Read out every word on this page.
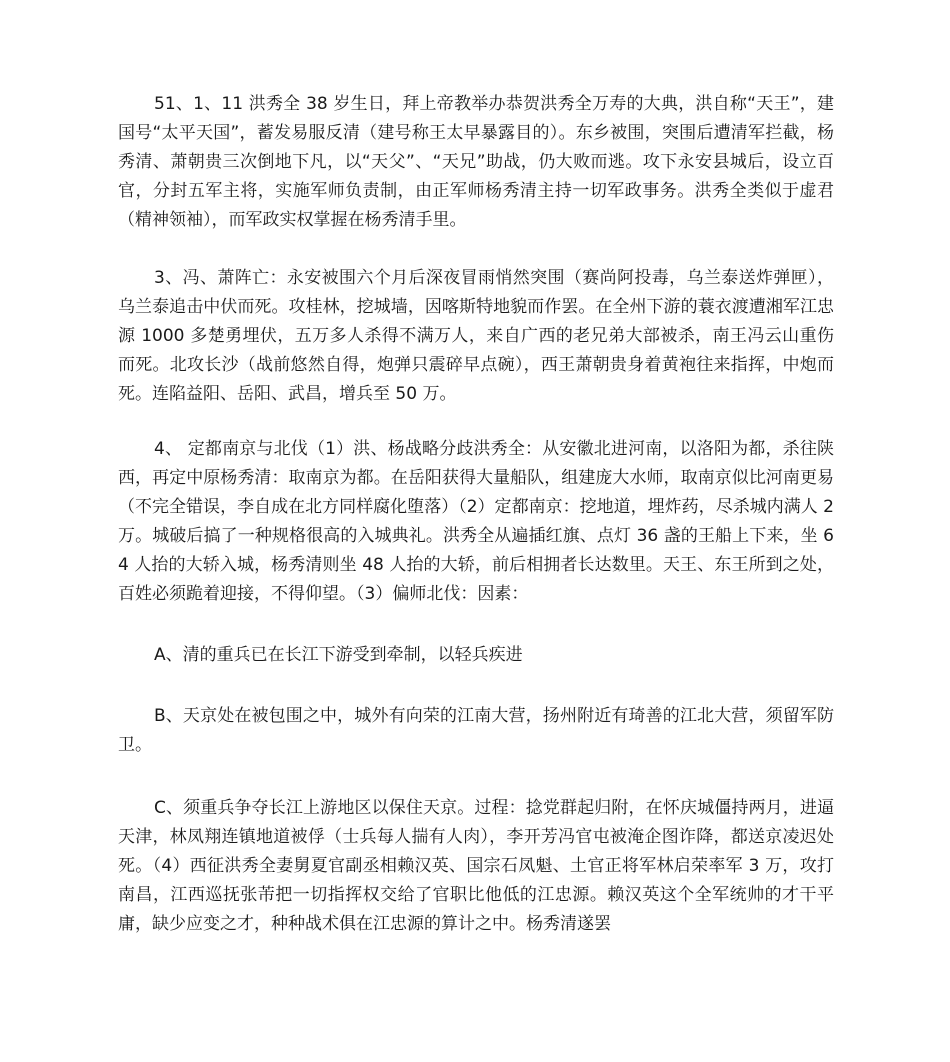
51、1、11 洪秀全 38 岁生日，拜上帝教举办恭贺洪秀全万寿的大典，洪自称“天王”，建国号“太平天国”，蓄发易服反清（建号称王太早暴露目的）。东乡被围，突围后遭清军拦截，杨秀清、萧朝贵三次倒地下凡，以“天父”、“天兄”助战，仍大败而逃。攻下永安县城后，设立百官，分封五军主将，实施军师负责制，由正军师杨秀清主持一切军政事务。洪秀全类似于虚君（精神领袖），而军政实权掌握在杨秀清手里。

3、冯、萧阵亡：永安被围六个月后深夜冒雨悄然突围（赛尚阿投毒，乌兰泰送炸弹匣），乌兰泰追击中伏而死。攻桂林，挖城墙，因喀斯特地貌而作罢。在全州下游的蓑衣渡遭湘军江忠源 1000 多楚勇埋伏，五万多人杀得不满万人，来自广西的老兄弟大部被杀，南王冯云山重伤而死。北攻长沙（战前悠然自得，炮弹只震碎早点碗），西王萧朝贵身着黄袍往来指挥，中炮而死。连陷益阳、岳阳、武昌，增兵至 50 万。

4、 定都南京与北伐（1）洪、杨战略分歧洪秀全：从安徽北进河南，以洛阳为都，杀往陕西，再定中原杨秀清：取南京为都。在岳阳获得大量船队，组建庞大水师，取南京似比河南更易（不完全错误，李自成在北方同样腐化堕落）（2）定都南京：挖地道，埋炸药，尽杀城内满人 2 万。城破后搞了一种规格很高的入城典礼。洪秀全从遍插红旗、点灯 36 盏的王船上下来，坐 64 人抬的大轿入城，杨秀清则坐 48 人抬的大轿，前后相拥者长达数里。天王、东王所到之处，百姓必须跪着迎接，不得仰望。（3）偏师北伐：因素：

A、清的重兵已在长江下游受到牵制，以轻兵疾进

B、天京处在被包围之中，城外有向荣的江南大营，扬州附近有琦善的江北大营，须留军防卫。

C、须重兵争夺长江上游地区以保住天京。过程：捻党群起归附，在怀庆城僵持两月，进逼天津，林凤翔连镇地道被俘（士兵每人揣有人肉），李开芳冯官屯被淹企图诈降，都送京凌迟处死。（4）西征洪秀全妻舅夏官副丞相赖汉英、国宗石凤魁、土官正将军林启荣率军 3 万，攻打南昌，江西巡抚张芾把一切指挥权交给了官职比他低的江忠源。赖汉英这个全军统帅的才干平庸，缺少应变之才，种种战术俱在江忠源的算计之中。杨秀清遂罢
